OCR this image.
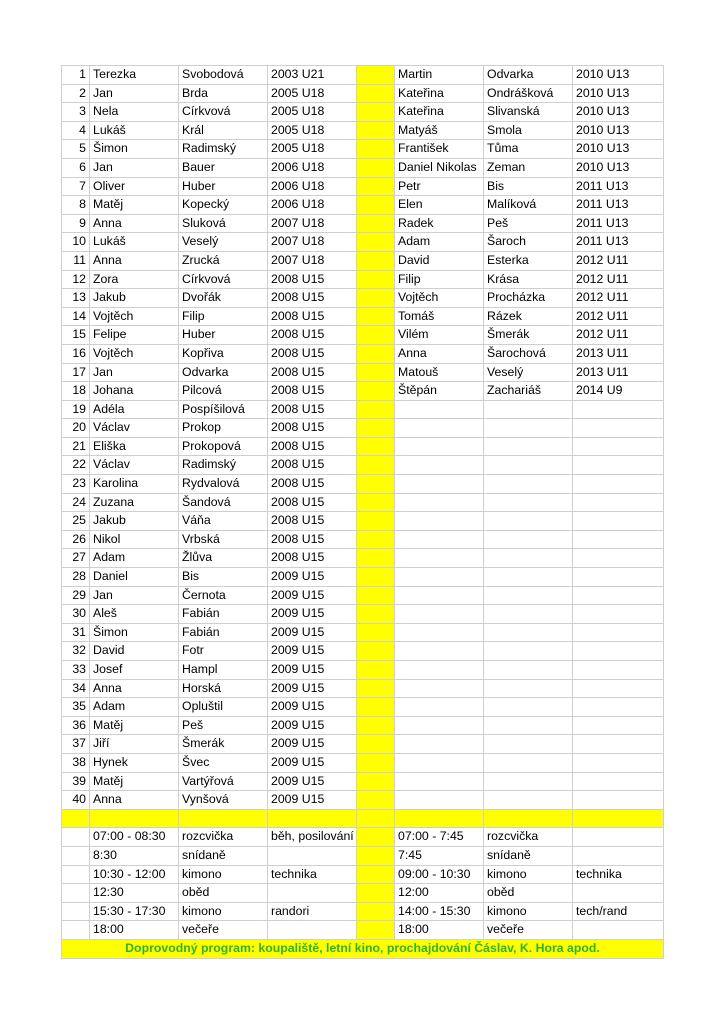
1	Terezka	Svobodová	2003 U21		Martin	Odvarka	2010 U13
2	Jan	Brda	2005 U18		Kateřina	Ondrášková	2010 U13
3	Nela	Církvová	2005 U18		Kateřina	Slivanská	2010 U13
4	Lukáš	Král	2005 U18		Matyáš	Smola	2010 U13
5	Šimon	Radimský	2005 U18		František	Tůma	2010 U13
6	Jan	Bauer	2006 U18		Daniel Nikolas	Zeman	2010 U13
7	Oliver	Huber	2006 U18		Petr	Bis	2011 U13
8	Matěj	Kopecký	2006 U18		Elen	Malíková	2011 U13
9	Anna	Sluková	2007 U18		Radek	Peš	2011 U13
10	Lukáš	Veselý	2007 U18		Adam	Šaroch	2011 U13
11	Anna	Zrucká	2007 U18		David	Esterka	2012 U11
12	Zora	Církvová	2008 U15		Filip	Krása	2012 U11
13	Jakub	Dvořák	2008 U15		Vojtěch	Procházka	2012 U11
14	Vojtěch	Filip	2008 U15		Tomáš	Rázek	2012 U11
15	Felipe	Huber	2008 U15		Vilém	Šmerák	2012 U11
16	Vojtěch	Kopřiva	2008 U15		Anna	Šarochová	2013 U11
17	Jan	Odvarka	2008 U15		Matouš	Veselý	2013 U11
18	Johana	Pilcová	2008 U15		Štěpán	Zachariáš	2014 U9
19	Adéla	Pospíšilová	2008 U15				
20	Václav	Prokop	2008 U15				
21	Eliška	Prokopová	2008 U15				
22	Václav	Radimský	2008 U15				
23	Karolina	Rydvalová	2008 U15				
24	Zuzana	Šandová	2008 U15				
25	Jakub	Váňa	2008 U15				
26	Nikol	Vrbská	2008 U15				
27	Adam	Žlůva	2008 U15				
28	Daniel	Bis	2009 U15				
29	Jan	Černota	2009 U15				
30	Aleš	Fabián	2009 U15				
31	Šimon	Fabián	2009 U15				
32	David	Fotr	2009 U15				
33	Josef	Hampl	2009 U15				
34	Anna	Horská	2009 U15				
35	Adam	Opluštil	2009 U15				
36	Matěj	Peš	2009 U15				
37	Jiří	Šmerák	2009 U15				
38	Hynek	Švec	2009 U15				
39	Matěj	Vartýřová	2009 U15				
40	Anna	Vynšová	2009 U15				

	07:00 - 08:30	rozcvička	běh, posilování		07:00 - 7:45	rozcvička	
	8:30	snídaně			7:45	snídaně	
	10:30 - 12:00	kimono	technika		09:00 - 10:30	kimono	technika
	12:30	oběd			12:00	oběd	
	15:30 - 17:30	kimono	randori		14:00 - 15:30	kimono	tech/rand
	18:00	večeře			18:00	večeře	
Doprovodný program: koupaliště, letní kino, prochajdování Čáslav, K. Hora apod.							
